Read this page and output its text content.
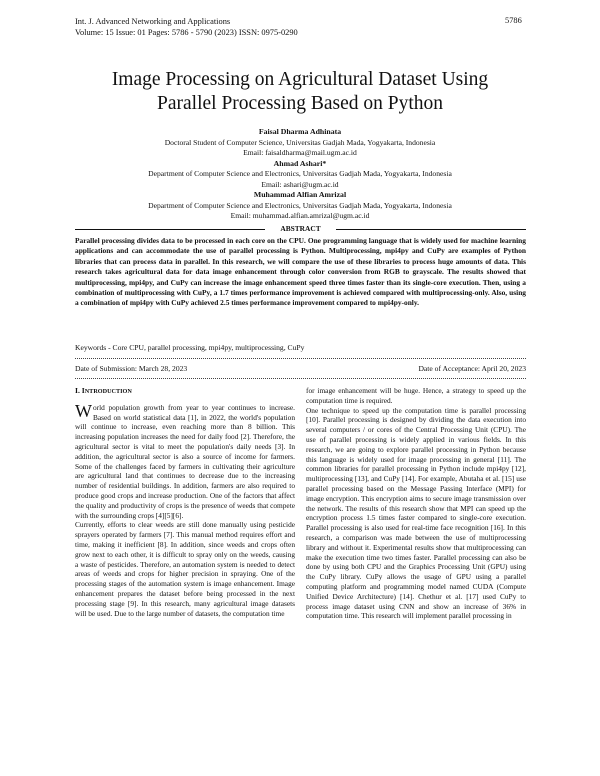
Int. J. Advanced Networking and Applications
Volume: 15 Issue: 01 Pages: 5786 - 5790 (2023) ISSN: 0975-0290
5786
Image Processing on Agricultural Dataset Using
Parallel Processing Based on Python
Faisal Dharma Adhinata
Doctoral Student of Computer Science, Universitas Gadjah Mada, Yogyakarta, Indonesia
Email: faisaldharma@mail.ugm.ac.id
Ahmad Ashari*
Department of Computer Science and Electronics, Universitas Gadjah Mada, Yogyakarta, Indonesia
Email: ashari@ugm.ac.id
Muhammad Alfian Amrizal
Department of Computer Science and Electronics, Universitas Gadjah Mada, Yogyakarta, Indonesia
Email: muhammad.alfian.amrizal@ugm.ac.id
ABSTRACT
Parallel processing divides data to be processed in each core on the CPU. One programming language that is widely used for machine learning applications and can accommodate the use of parallel processing is Python. Multiprocessing, mpi4py and CuPy are examples of Python libraries that can process data in parallel. In this research, we will compare the use of these libraries to process huge amounts of data. This research takes agricultural data for data image enhancement through color conversion from RGB to grayscale. The results showed that multiprocessing, mpi4py, and CuPy can increase the image enhancement speed three times faster than its single-core execution. Then, using a combination of multiprocessing with CuPy, a 1.7 times performance improvement is achieved compared with multiprocessing-only. Also, using a combination of mpi4py with CuPy achieved 2.5 times performance improvement compared to mpi4py-only.
Keywords - Core CPU, parallel processing, mpi4py, multiprocessing, CuPy
Date of Submission: March 28, 2023	Date of Acceptance: April 20, 2023
I. INTRODUCTION

World population growth from year to year continues to increase. Based on world statistical data [1], in 2022, the world's population will continue to increase, even reaching more than 8 billion. This increasing population increases the need for daily food [2]. Therefore, the agricultural sector is vital to meet the population's daily needs [3]. In addition, the agricultural sector is also a source of income for farmers. Some of the challenges faced by farmers in cultivating their agriculture are agricultural land that continues to decrease due to the increasing number of residential buildings. In addition, farmers are also required to produce good crops and increase production. One of the factors that affect the quality and productivity of crops is the presence of weeds that compete with the surrounding crops [4][5][6].

Currently, efforts to clear weeds are still done manually using pesticide sprayers operated by farmers [7]. This manual method requires effort and time, making it inefficient [8]. In addition, since weeds and crops often grow next to each other, it is difficult to spray only on the weeds, causing a waste of pesticides. Therefore, an automation system is needed to detect areas of weeds and crops for higher precision in spraying. One of the processing stages of the automation system is image enhancement. Image enhancement prepares the dataset before being processed in the next processing stage [9]. In this research, many agricultural image datasets will be used. Due to the large number of datasets, the computation time

for image enhancement will be huge. Hence, a strategy to speed up the computation time is required.

One technique to speed up the computation time is parallel processing [10]. Parallel processing is designed by dividing the data execution into several computers / or cores of the Central Processing Unit (CPU). The use of parallel processing is widely applied in various fields. In this research, we are going to explore parallel processing in Python because this language is widely used for image processing in general [11]. The common libraries for parallel processing in Python include mpi4py [12], multiprocessing [13], and CuPy [14]. For example, Abutaha et al. [15] use parallel processing based on the Message Passing Interface (MPI) for image encryption. This encryption aims to secure image transmission over the network. The results of this research show that MPI can speed up the encryption process 1.5 times faster compared to single-core execution. Parallel processing is also used for real-time face recognition [16]. In this research, a comparison was made between the use of multiprocessing library and without it. Experimental results show that multiprocessing can make the execution time two times faster. Parallel processing can also be done by using both CPU and the Graphics Processing Unit (GPU) using the CuPy library. CuPy allows the usage of GPU using a parallel computing platform and programming model named CUDA (Compute Unified Device Architecture) [14]. Chethur et al. [17] used CuPy to process image dataset using CNN and show an increase of 36% in computation time. This research will implement parallel processing in
